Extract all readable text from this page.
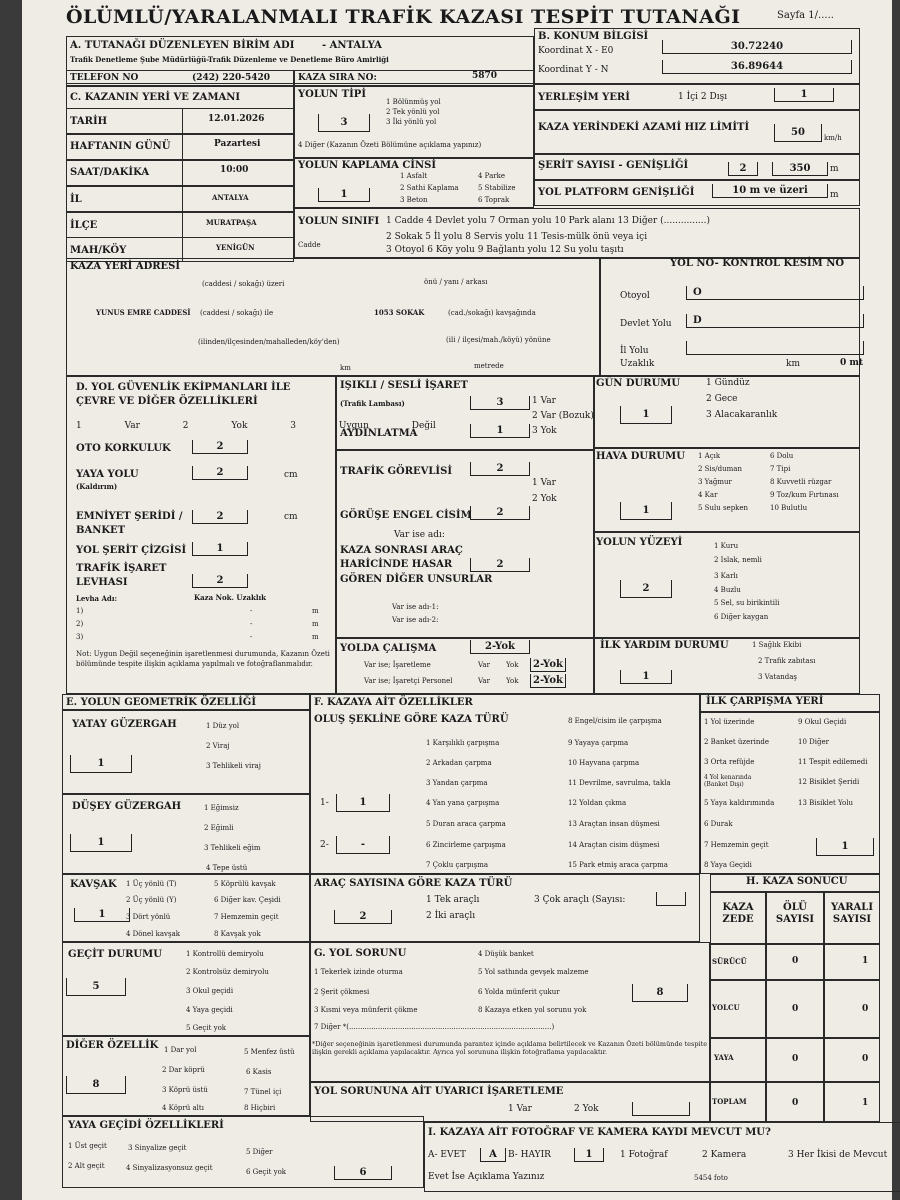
ÖLÜMLÜ/YARALANMALI TRAFİK KAZASI TESPİT TUTANAĞI	Sayfa 1/.....
A. TUTANAĞI DÜZENLEYEN BİRİM ADI	- ANTALYA
Trafik Denetleme Şube Müdürlüğü-Trafik Düzenleme ve Denetleme Büro Amirliği
TELEFON NO	(242) 220-5420	KAZA SIRA NO:	5870
B. KONUM BİLGİSİ
Koordinat X - E0	30.72240
Koordinat Y - N	36.89644
C. KAZANIN YERİ VE ZAMANI
TARİH	12.01.2026
HAFTANIN GÜNÜ	Pazartesi
SAAT/DAKİKA	10:00
İL	ANTALYA
İLÇE	MURATPAŞA
MAH/KÖY	YENİGÜN
YOLUN TİPİ
3
1 Bölünmüş yol
2 Tek yönlü yol
3 İki yönlü yol
4 Diğer (Kazanın Özeti Bölümüne açıklama yapınız)
YERLEŞİM YERİ	1 İçi 2 Dışı	1
KAZA YERİNDEKİ AZAMİ HIZ LİMİTİ	50	km/h
YOLUN KAPLAMA CİNSİ
1
1 Asfalt
2 Sathi Kaplama
3 Beton
4 Parke
5 Stabilize
6 Toprak
ŞERİT SAYISI - GENİŞLİĞİ	2	350	m
YOL PLATFORM GENİŞLİĞİ	10 m ve üzeri	m
YOLUN SINIFI
Cadde
1 Cadde 4 Devlet yolu 7 Orman yolu 10 Park alanı 13 Diğer (...............)
2 Sokak 5 İl yolu 8 Servis yolu 11 Tesis-mülk önü veya içi
3 Otoyol 6 Köy yolu 9 Bağlantı yolu 12 Su yolu taşıtı
KAZA YERİ ADRESİ
(caddesi / sokağı) üzeri	önü / yanı / arkası
YUNUS EMRE CADDESİ (caddesi / sokağı) ile	1053 SOKAK	(cad./sokağı) kavşağında
(ilinden/ilçesinden/mahalleden/köy'den)	(ili / ilçesi/mah./köyü) yönüne
km	metrede
YOL NO- KONTROL KESİM NO
Otoyol	O
Devlet Yolu	D
İl Yolu
Uzaklık	km	0 mt
D. YOL GÜVENLİK EKİPMANLARI İLE
ÇEVRE VE DİĞER ÖZELLİKLERİ
1 Var 2 Yok 3 Uygun Değil
OTO KORKULUK	2
YAYA YOLU
(Kaldırım)
2	cm
EMNİYET ŞERİDİ /
BANKET
2	cm
YOL ŞERİT ÇİZGİSİ	1
TRAFİK İŞARET
LEVHASI	2
Levha Adı:	Kaza Nok. Uzaklık
1)	-	m
2)	-	m
3)	-	m
Not: Uygun Değil seçeneğinin işaretlenmesi durumunda, Kazanın Özeti bölümünde tespite ilişkin açıklama yapılmalı ve fotoğraflanmalıdır.
IŞIKLI / SESLİ İŞARET
(Trafik Lambası)	3	1 Var
2 Var (Bozuk)
3 Yok
AYDINLATMA	1
TRAFİK GÖREVLİSİ	2
1 Var
2 Yok
GÖRÜŞE ENGEL CİSİM	2
Var ise adı:
KAZA SONRASI ARAÇ
HARİCİNDE HASAR
GÖREN DİĞER UNSURLAR
2
Var ise adı-1:
Var ise adı-2:
YOLDA ÇALIŞMA	2-Yok
Var ise; İşaretleme	Var Yok	2-Yok
Var ise; İşaretçi Personel	Var Yok	2-Yok
GÜN DURUMU
1
1 Gündüz
2 Gece
3 Alacakaranlık
HAVA DURUMU
1
1 Açık
2 Sis/duman
3 Yağmur
4 Kar
5 Sulu sepken
6 Dolu
7 Tipi
8 Kuvvetli rüzgar
9 Toz/kum Fırtınası
10 Bulutlu
YOLUN YÜZEYİ
2
1 Kuru
2 Islak, nemli
3 Karlı
4 Buzlu
5 Sel, su birikintili
6 Diğer kaygan
İLK YARDIM DURUMU
1
1 Sağlık Ekibi
2 Trafik zabıtası
3 Vatandaş
E. YOLUN GEOMETRİK ÖZELLİĞİ
YATAY GÜZERGAH
1
1 Düz yol
2 Viraj
3 Tehlikeli viraj
DÜŞEY GÜZERGAH
1
1 Eğimsiz
2 Eğimli
3 Tehlikeli eğim
4 Tepe üstü
KAVŞAK
1
1 Üç yönlü (T)
2 Üç yönlü (Y)
3 Dört yönlü
4 Dönel kavşak
5 Köprülü kavşak
6 Diğer kav. Çeşidi
7 Hemzemin geçit
8 Kavşak yok
GEÇİT DURUMU
5
1 Kontrollü demiryolu
2 Kontrolsüz demiryolu
3 Okul geçidi
4 Yaya geçidi
5 Geçit yok
DİĞER ÖZELLİK
8
1 Dar yol
2 Dar köprü
3 Köprü üstü
4 Köprü altı
5 Menfez üstü
6 Kasis
7 Tünel içi
8 Hiçbiri
YAYA GEÇİDİ ÖZELLİKLERİ
1 Üst geçit
2 Alt geçit
3 Sinyalize geçit
4 Sinyalizasyonsuz geçit
5 Diğer
6 Geçit yok	6
F. KAZAYA AİT ÖZELLİKLER
OLUŞ ŞEKLİNE GÖRE KAZA TÜRÜ
1-	1
2-	-
1 Karşılıklı çarpışma
2 Arkadan çarpma
3 Yandan çarpma
4 Yan yana çarpışma
5 Duran araca çarpma
6 Zincirleme çarpışma
7 Çoklu çarpışma
8 Engel/cisim ile çarpışma
9 Yayaya çarpma
10 Hayvana çarpma
11 Devrilme, savrulma, takla
12 Yoldan çıkma
13 Araçtan insan düşmesi
14 Araçtan cisim düşmesi
15 Park etmiş araca çarpma
ARAÇ SAYISINA GÖRE KAZA TÜRÜ
2
1 Tek araçlı
2 İki araçlı
3 Çok araçlı (Sayısı:
İLK ÇARPIŞMA YERİ
1 Yol üzerinde
2 Banket üzerinde
3 Orta refüjde
4 Yol kenarında (Banket Dışı)
5 Yaya kaldırımında
6 Durak
7 Hemzemin geçit
8 Yaya Geçidi
9 Okul Geçidi
10 Diğer
11 Tespit edilemedi
12 Bisiklet Şeridi
13 Bisiklet Yolu
1
H. KAZA SONUCU
KAZA ZEDE
ÖLÜ SAYISI
YARALI SAYISI
SÜRÜCÜ	0	1
YOLCU	0	0
YAYA	0	0
TOPLAM	0	1
G. YOL SORUNU
1 Tekerlek izinde oturma
2 Şerit çökmesi
3 Kısmi veya münferit çökme
4 Düşük banket
5 Yol sathında gevşek malzeme
6 Yolda münferit çukur
8 Kazaya etken yol sorunu yok
8
7 Diğer *(...........................................................................................)
*Diğer seçeneğinin işaretlenmesi durumunda parantez içinde açıklama belirtilecek ve Kazanın Özeti bölümünde tespite ilişkin gerekli açıklama yapılacaktır. Ayrıca yol sorununa ilişkin fotoğraflama yapılacaktır.
YOL SORUNUNA AİT UYARICI İŞARETLEME
1 Var	2 Yok
I. KAZAYA AİT FOTOĞRAF VE KAMERA KAYDI MEVCUT MU?
A- EVET	A	B- HAYIR	1	1 Fotoğraf	2 Kamera	3 Her İkisi de Mevcut
Evet İse Açıklama Yazınız	5454 foto
